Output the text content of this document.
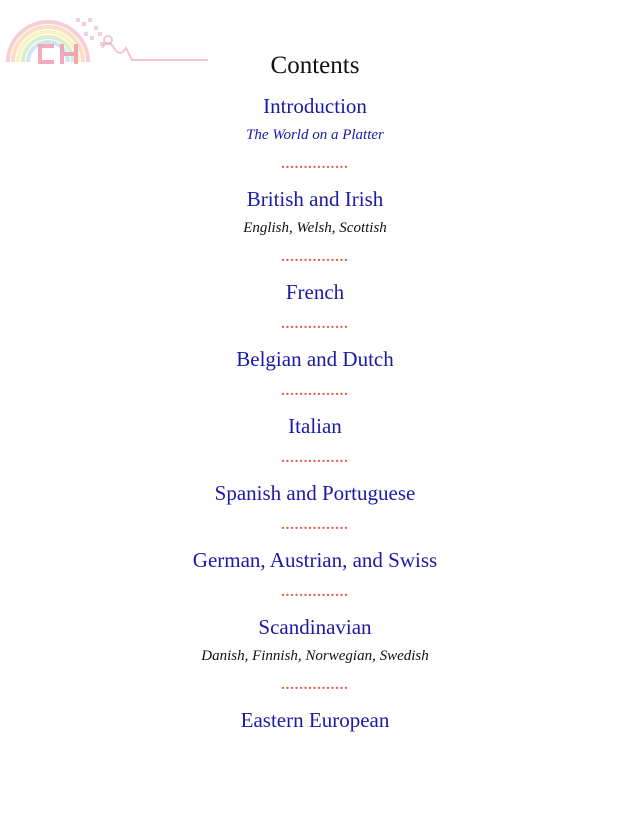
Contents
Introduction
The World on a Platter
...............
British and Irish
English, Welsh, Scottish
...............
French
...............
Belgian and Dutch
...............
Italian
...............
Spanish and Portuguese
...............
German, Austrian, and Swiss
...............
Scandinavian
Danish, Finnish, Norwegian, Swedish
...............
Eastern European
